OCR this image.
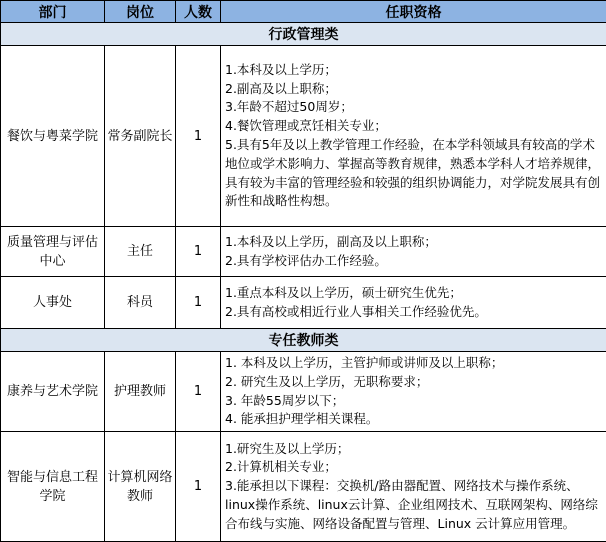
部门	岗位	人数	任职资格
行政管理类			
餐饮与粤菜学院	常务副院长	1	1.本科及以上学历；
2.副高及以上职称；
3.年龄不超过50周岁；
4.餐饮管理或烹饪相关专业；
5.具有5年及以上教学管理工作经验，在本学科领域具有较高的学术地位或学术影响力、掌握高等教育规律，熟悉本学科人才培养规律，具有较为丰富的管理经验和较强的组织协调能力，对学院发展具有创新性和战略性构想。

质量管理与评估中心	主任	1	1.本科及以上学历，副高及以上职称；
2.具有学校评估办工作经验。

人事处	科员	1	1.重点本科及以上学历，硕士研究生优先；
2.具有高校或相近行业人事相关工作经验优先。

专任教师类			
康养与艺术学院	护理教师	1	1. 本科及以上学历，主管护师或讲师及以上职称；
2. 研究生及以上学历，无职称要求；
3. 年龄55周岁以下；
4. 能承担护理学相关课程。

智能与信息工程学院	计算机网络教师	1	1.研究生及以上学历；
2.计算机相关专业；
3.能承担以下课程：交换机/路由器配置、网络技术与操作系统、linux操作系统、linux云计算、企业组网技术、互联网架构、网络综合布线与实施、网络设备配置与管理、Linux 云计算应用管理。
